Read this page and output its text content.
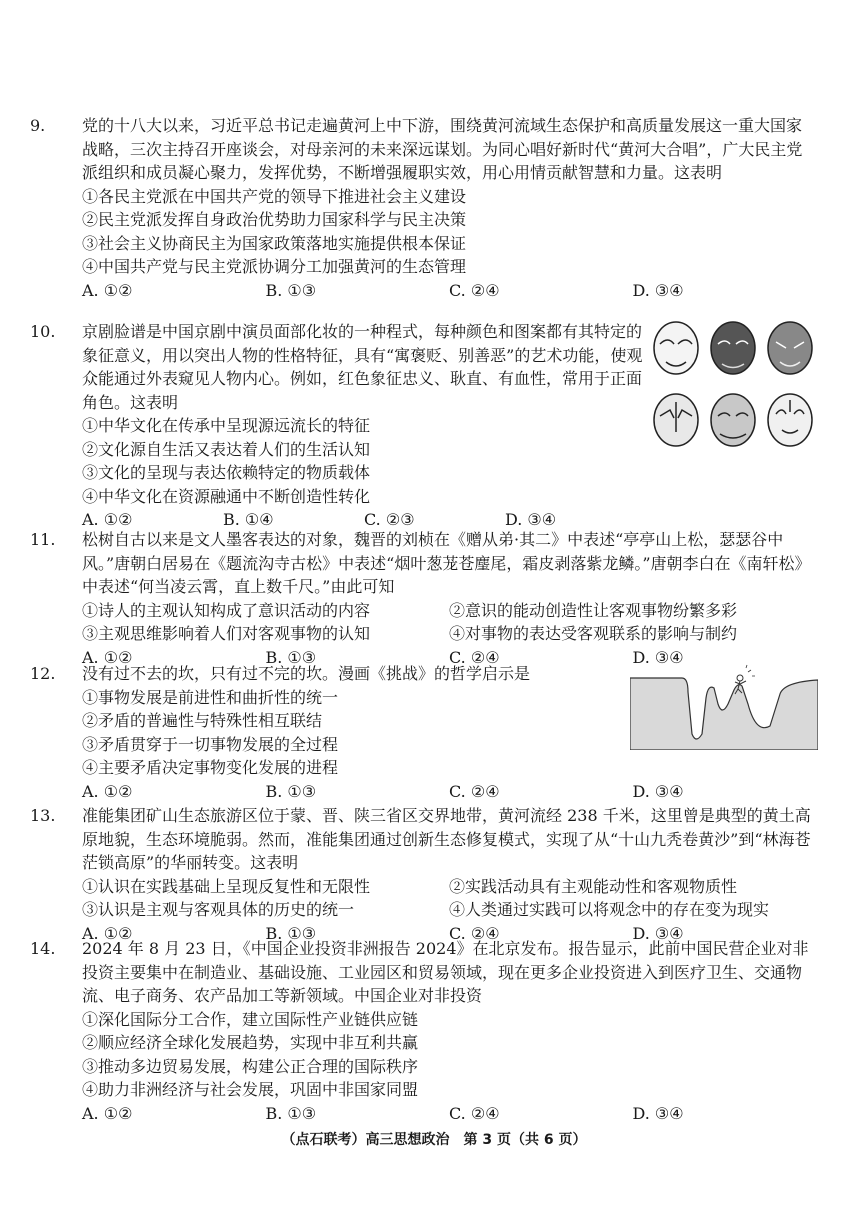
9. 党的十八大以来，习近平总书记走遍黄河上中下游，围绕黄河流域生态保护和高质量发展这一重大国家战略，三次主持召开座谈会，对母亲河的未来深远谋划。为同心唱好新时代“黄河大合唱”，广大民主党派组织和成员凝心聚力，发挥优势，不断增强履职实效，用心用情贡献智慧和力量。这表明

①各民主党派在中国共产党的领导下推进社会主义建设

②民主党派发挥自身政治优势助力国家科学与民主决策

③社会主义协商民主为国家政策落地实施提供根本保证

④中国共产党与民主党派协调分工加强黄河的生态管理

A. ①②	B. ①③	C. ②④	D. ③④

10. 京剧脸谱是中国京剧中演员面部化妆的一种程式，每种颜色和图案都有其特定的象征意义，用以突出人物的性格特征，具有“寓褒贬、别善恶”的艺术功能，使观众能通过外表窥见人物内心。例如，红色象征忠义、耿直、有血性，常用于正面角色。这表明

①中华文化在传承中呈现源远流长的特征

②文化源自生活又表达着人们的生活认知

③文化的呈现与表达依赖特定的物质载体

④中华文化在资源融通中不断创造性转化

A. ①②	B. ①④	C. ②③	D. ③④

11. 松树自古以来是文人墨客表达的对象，魏晋的刘桢在《赠从弟·其二》中表述“亭亭山上松，瑟瑟谷中风。”唐朝白居易在《题流沟寺古松》中表述“烟叶葱茏苍麈尾，霜皮剥落紫龙鳞。”唐朝李白在《南轩松》中表述“何当凌云霄，直上数千尺。”由此可知

①诗人的主观认知构成了意识活动的内容	②意识的能动创造性让客观事物纷繁多彩
③主观思维影响着人们对客观事物的认知	④对事物的表达受客观联系的影响与制约
A. ①②	B. ①③	C. ②④	D. ③④

12. 没有过不去的坎，只有过不完的坎。漫画《挑战》的哲学启示是

①事物发展是前进性和曲折性的统一

②矛盾的普遍性与特殊性相互联结

③矛盾贯穿于一切事物发展的全过程

④主要矛盾决定事物变化发展的进程

A. ①②	B. ①③	C. ②④	D. ③④

13. 准能集团矿山生态旅游区位于蒙、晋、陕三省区交界地带，黄河流经 238 千米，这里曾是典型的黄土高原地貌，生态环境脆弱。然而，准能集团通过创新生态修复模式，实现了从“十山九秃卷黄沙”到“林海苍茫锁高原”的华丽转变。这表明

①认识在实践基础上呈现反复性和无限性	②实践活动具有主观能动性和客观物质性
③认识是主观与客观具体的历史的统一	④人类通过实践可以将观念中的存在变为现实
A. ①②	B. ①③	C. ②④	D. ③④

14. 2024 年 8 月 23 日，《中国企业投资非洲报告 2024》在北京发布。报告显示，此前中国民营企业对非投资主要集中在制造业、基础设施、工业园区和贸易领域，现在更多企业投资进入到医疗卫生、交通物流、电子商务、农产品加工等新领域。中国企业对非投资

①深化国际分工合作，建立国际性产业链供应链

②顺应经济全球化发展趋势，实现中非互利共赢

③推动多边贸易发展，构建公正合理的国际秩序

④助力非洲经济与社会发展，巩固中非国家同盟

A. ①②	B. ①③	C. ②④	D. ③④
（点石联考）高三思想政治　第 3 页（共 6 页）
